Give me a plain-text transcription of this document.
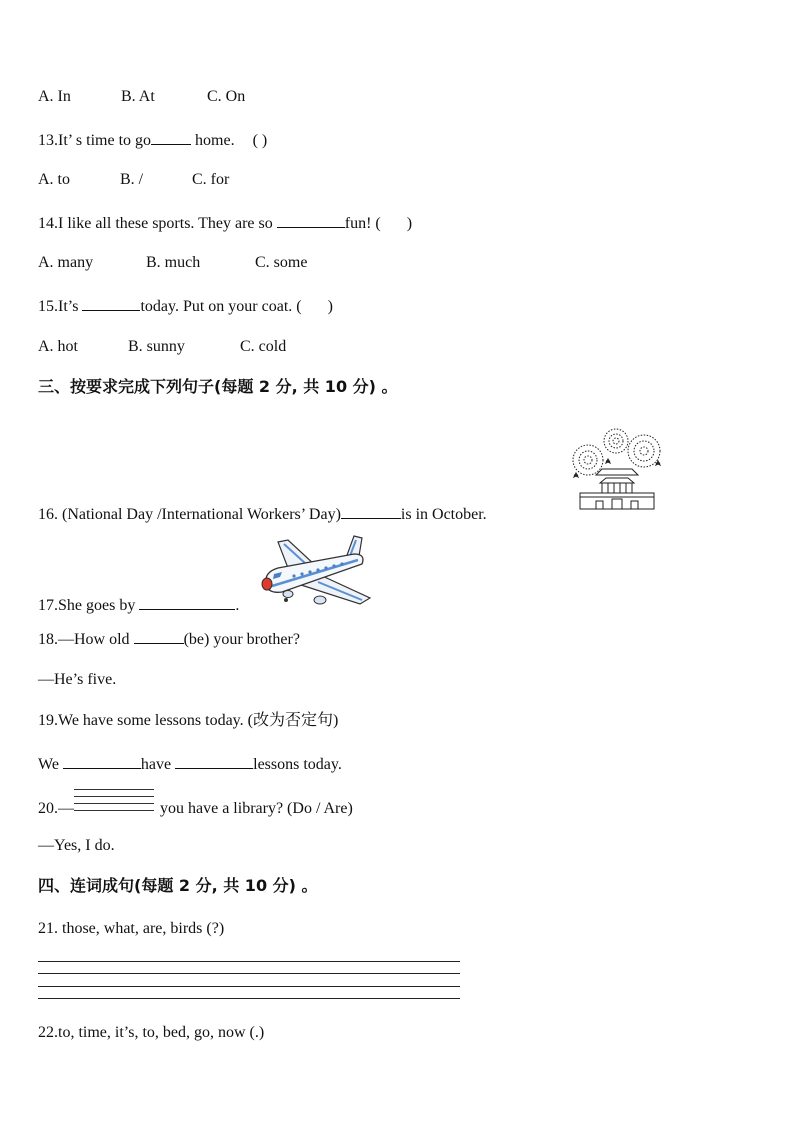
A. In	B. At	C. On
13.It’ s time to go	home. ( )
A. to	B. /	C. for
14.I like all these sports. They are so	fun! ( )
A. many	B. much	C. some
15.It’s	today. Put on your coat. ( )
A. hot	B. sunny	C. cold
三、按要求完成下列句子(每题 2 分, 共 10 分) 。
16. (National Day /International Workers’ Day)	is in October.
17.She goes by	.
18.—How old	(be) your brother?
—He’s five.
19.We have some lessons today. (改为否定句)
We	have	lessons today.
20.—	you have a library? (Do / Are)
—Yes, I do.
四、连词成句(每题 2 分, 共 10 分) 。
21. those, what, are, birds (?)
22.to, time, it’s, to, bed, go, now (.)
